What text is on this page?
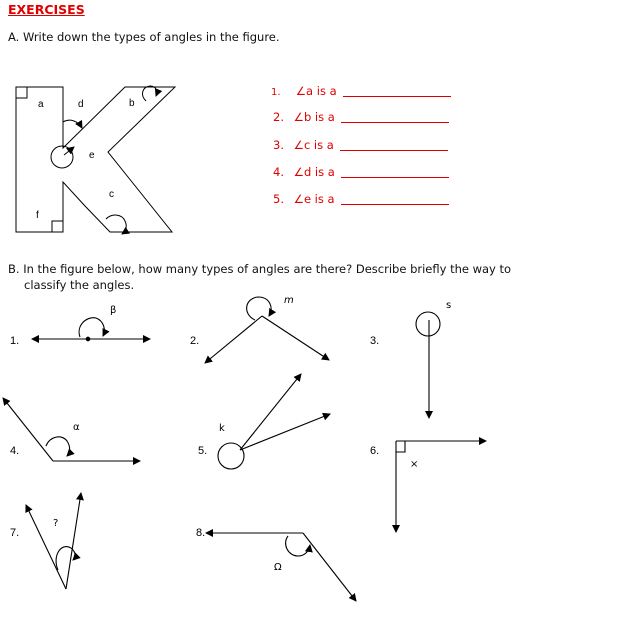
EXERCISES
A. Write down the types of angles in the figure.
1. ∠a is a
2. ∠b is a
3. ∠c is a
4. ∠d is a
5. ∠e is a
B. In the figure below, how many types of angles are there? Describe briefly the way to
classify the angles.
a	d	b
e
c
f
1.	2.	3.
4.	5.	6.
7.	8.
β
m	s
α	k
×
?
Ω
